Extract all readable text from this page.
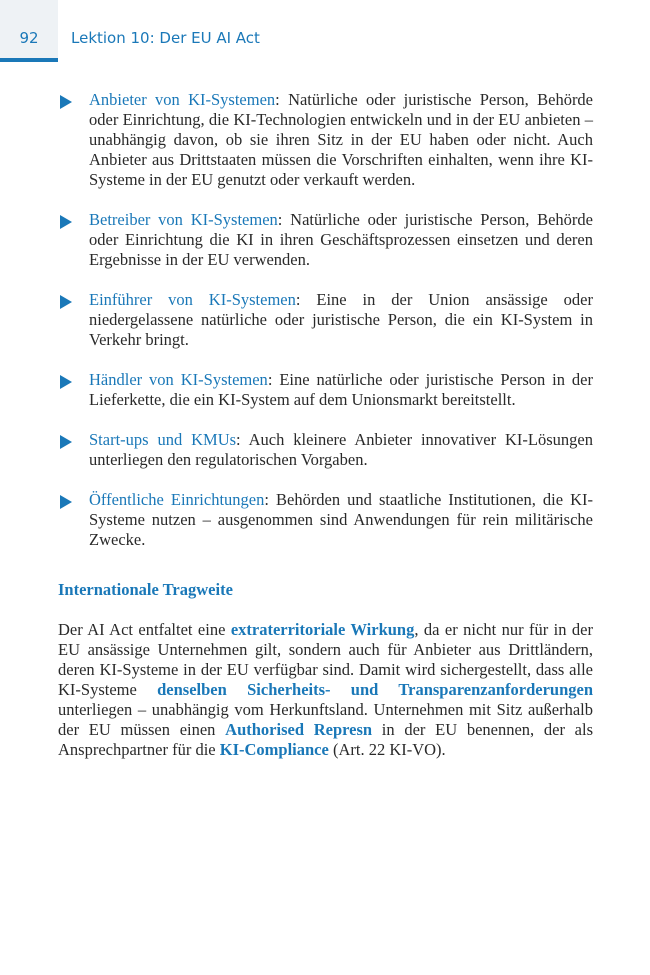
92	Lektion 10: Der EU AI Act
Anbieter von KI-Systemen: Natürliche oder juristische Person, Behörde oder Einrichtung, die KI-Technologien entwickeln und in der EU anbieten – unabhängig davon, ob sie ihren Sitz in der EU haben oder nicht. Auch Anbieter aus Drittstaaten müssen die Vorschriften einhalten, wenn ihre KI-Systeme in der EU genutzt oder verkauft werden.
Betreiber von KI-Systemen: Natürliche oder juristische Person, Behörde oder Einrichtung die KI in ihren Geschäftsprozessen einsetzen und deren Ergebnisse in der EU verwenden.
Einführer von KI-Systemen: Eine in der Union ansässige oder niedergelassene natürliche oder juristische Person, die ein KI-System in Verkehr bringt.
Händler von KI-Systemen: Eine natürliche oder juristische Person in der Lieferkette, die ein KI-System auf dem Unionsmarkt bereitstellt.
Start-ups und KMUs: Auch kleinere Anbieter innovativer KI-Lösungen unterliegen den regulatorischen Vorgaben.
Öffentliche Einrichtungen: Behörden und staatliche Institutionen, die KI-Systeme nutzen – ausgenommen sind Anwendungen für rein militärische Zwecke.
Internationale Tragweite

Der AI Act entfaltet eine extraterritoriale Wirkung, da er nicht nur für in der EU ansässige Unternehmen gilt, sondern auch für Anbieter aus Drittländern, deren KI-Systeme in der EU verfügbar sind. Damit wird sichergestellt, dass alle KI-Systeme denselben Sicherheits- und Transparenzanforderungen unterliegen – unabhängig vom Herkunftsland. Unternehmen mit Sitz außerhalb der EU müssen einen Authorised Represn in der EU benennen, der als Ansprechpartner für die KI-Compliance (Art. 22 KI-VO).
